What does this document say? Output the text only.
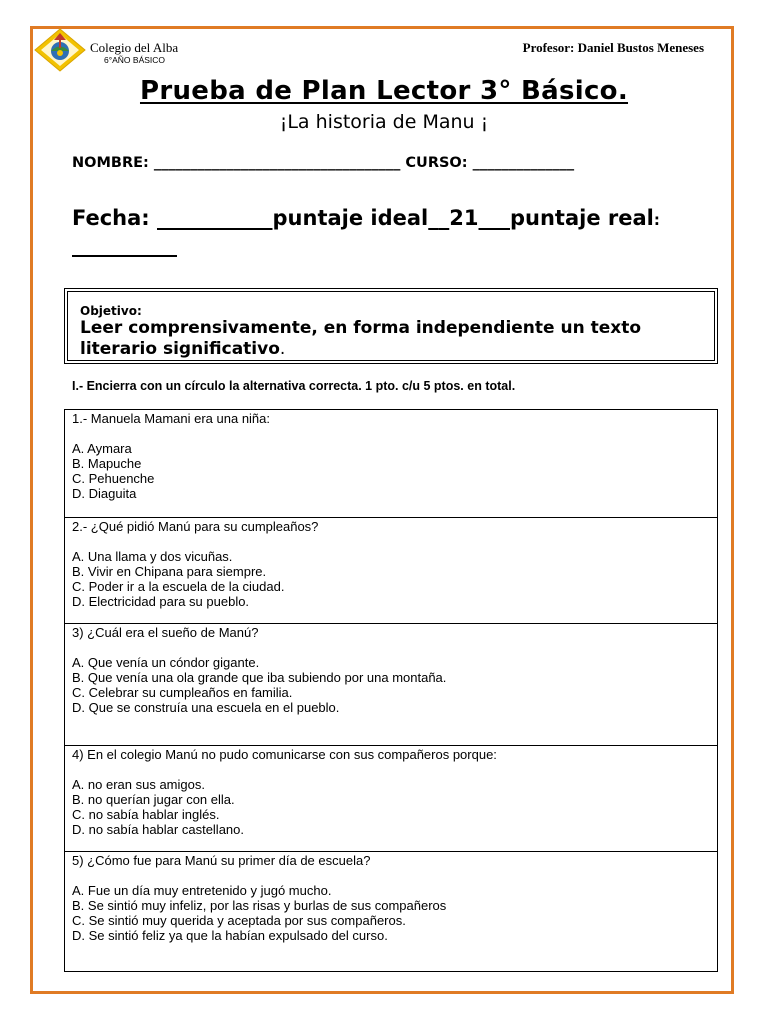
Colegio del Alba
6°AÑO BÁSICO
Profesor: Daniel Bustos Meneses
Prueba de Plan Lector 3° Básico.
¡La historia de Manu ¡
NOMBRE: __________________________________ CURSO: ______________
Fecha: ___________puntaje ideal__21___puntaje real: __________
Objetivo:
Leer comprensivamente, en forma independiente un texto literario significativo.
I.- Encierra con un círculo la alternativa correcta. 1 pto. c/u 5 ptos. en total.
1.- Manuela Mamani era una niña:
A. Aymara
B. Mapuche
C. Pehuenche
D. Diaguita
2.- ¿Qué pidió Manú para su cumpleaños?
A. Una llama y dos vicuñas.
B. Vivir en Chipana para siempre.
C. Poder ir a la escuela de la ciudad.
D. Electricidad para su pueblo.
3) ¿Cuál era el sueño de Manú?
A. Que venía un cóndor gigante.
B. Que venía una ola grande que iba subiendo por una montaña.
C. Celebrar su cumpleaños en familia.
D. Que se construía una escuela en el pueblo.
4) En el colegio Manú no pudo comunicarse con sus compañeros porque:
A. no eran sus amigos.
B. no querían jugar con ella.
C. no sabía hablar inglés.
D. no sabía hablar castellano.
5) ¿Cómo fue para Manú su primer día de escuela?
A. Fue un día muy entretenido y jugó mucho.
B. Se sintió muy infeliz, por las risas y burlas de sus compañeros
C. Se sintió muy querida y aceptada por sus compañeros.
D. Se sintió feliz ya que la habían expulsado del curso.
